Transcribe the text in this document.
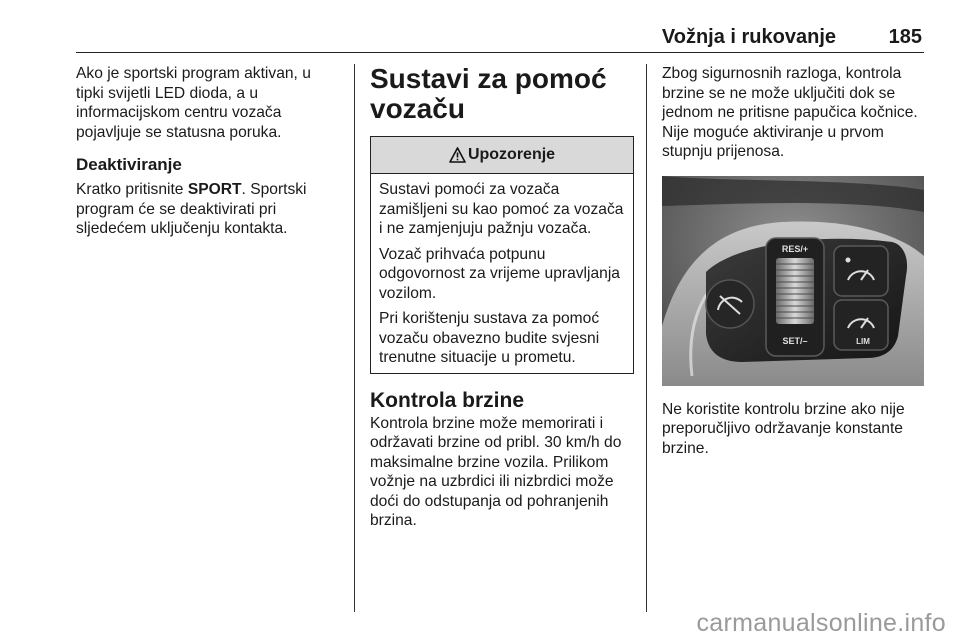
Vožnja i rukovanje	185

Ako je sportski program aktivan, u tipki svijetli LED dioda, a u informacijskom centru vozača pojavljuje se statusna poruka.

Deaktiviranje

Kratko pritisnite SPORT. Sportski program će se deaktivirati pri sljedećem uključenju kontakta.

Sustavi za pomoć
vozaču
Upozorenje

Sustavi pomoći za vozača zamišljeni su kao pomoć za vozača i ne zamjenjuju pažnju vozača.

Vozač prihvaća potpunu odgovornost za vrijeme upravljanja vozilom.

Pri korištenju sustava za pomoć vozaču obavezno budite svjesni trenutne situacije u prometu.

Kontrola brzine

Kontrola brzine može memorirati i održavati brzine od pribl. 30 km/h do maksimalne brzine vozila. Prilikom vožnje na uzbrdici ili nizbrdici može doći do odstupanja od pohranjenih brzina.

Zbog sigurnosnih razloga, kontrola brzine se ne može uključiti dok se jednom ne pritisne papučica kočnice. Nije moguće aktiviranje u prvom stupnju prijenosa.

RES/+
SET/–	LIM

Ne koristite kontrolu brzine ako nije preporučljivo održavanje konstante brzine.

carmanualsonline.info
